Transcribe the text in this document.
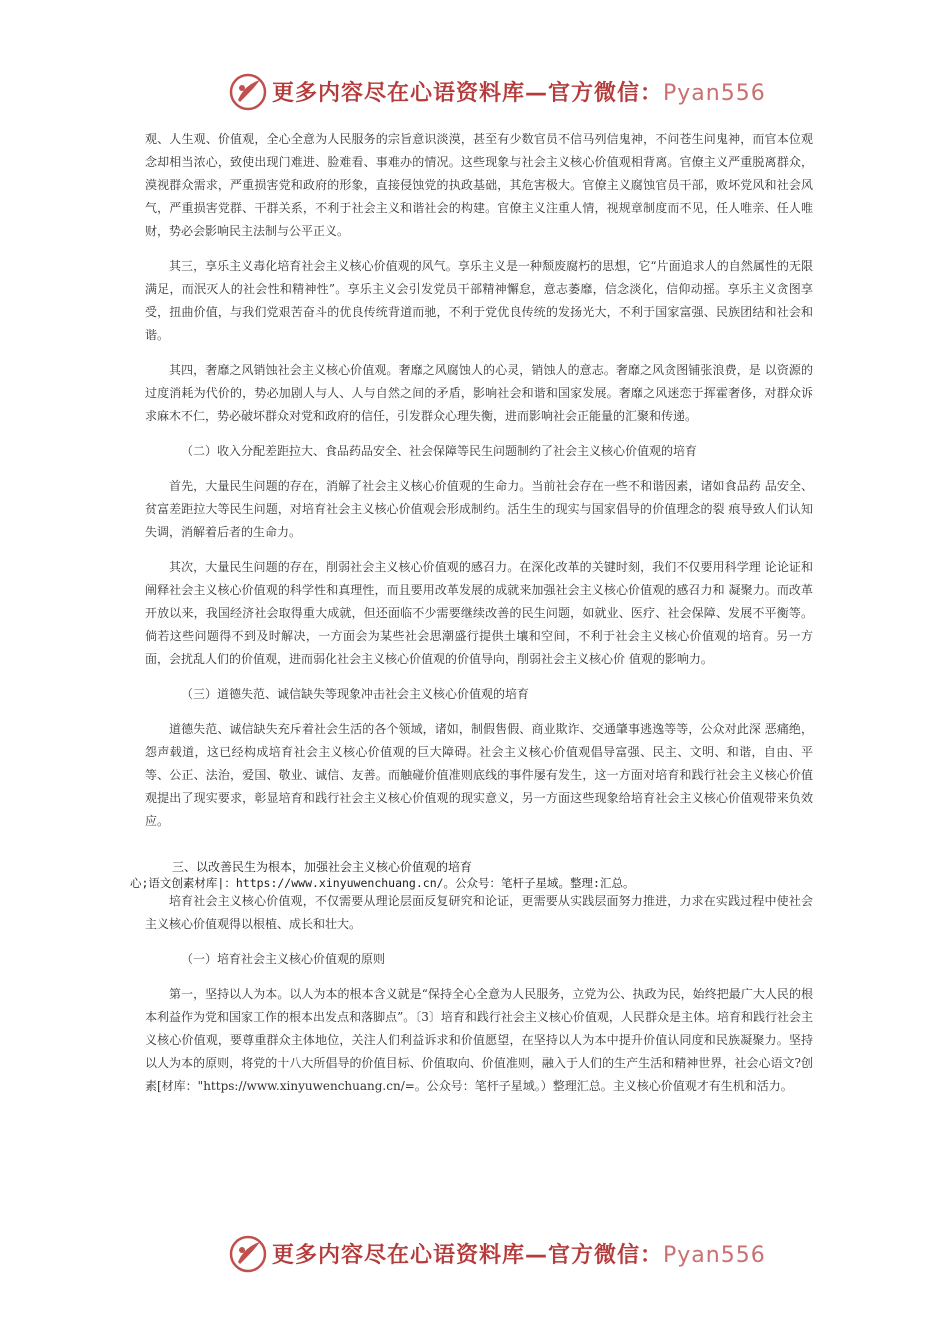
更多内容尽在心语资料库—官方微信：Pyan556

观、人生观、价值观，全心全意为人民服务的宗旨意识淡漠，甚至有少数官员不信马列信鬼神，不问苍生问鬼神，而官本位观念却相当浓心，致使出现门难进、脸难看、事难办的情况。这些现象与社会主义核心价值观相背离。官僚主义严重脱离群众，漠视群众需求，严重损害党和政府的形象，直接侵蚀党的执政基础，其危害极大。官僚主义腐蚀官员干部，败坏党风和社会风气，严重损害党群、干群关系，不利于社会主义和谐社会的构建。官僚主义注重人情，视规章制度而不见，任人唯亲、任人唯财，势必会影响民主法制与公平正义。

其三，享乐主义毒化培育社会主义核心价值观的风气。享乐主义是一种颓废腐朽的思想，它“片面追求人的自然属性的无限满足，而泯灭人的社会性和精神性”。享乐主义会引发党员干部精神懈怠，意志萎靡，信念淡化，信仰动摇。享乐主义贪图享受，扭曲价值，与我们党艰苦奋斗的优良传统背道而驰，不利于党优良传统的发扬光大，不利于国家富强、民族团结和社会和谐。

其四，奢靡之风销蚀社会主义核心价值观。奢靡之风腐蚀人的心灵，销蚀人的意志。奢靡之风贪图铺张浪费，是 以资源的过度消耗为代价的，势必加剧人与人、人与自然之间的矛盾，影响社会和谐和国家发展。奢靡之风迷恋于挥霍奢侈，对群众诉求麻木不仁，势必破坏群众对党和政府的信任，引发群众心理失衡，进而影响社会正能量的汇聚和传递。

（二）收入分配差距拉大、食品药品安全、社会保障等民生问题制约了社会主义核心价值观的培育

首先，大量民生问题的存在，消解了社会主义核心价值观的生命力。当前社会存在一些不和谐因素，诸如食品药 品安全、贫富差距拉大等民生问题，对培育社会主义核心价值观会形成制约。活生生的现实与国家倡导的价值理念的裂 痕导致人们认知失调，消解着后者的生命力。

其次，大量民生问题的存在，削弱社会主义核心价值观的感召力。在深化改革的关键时刻，我们不仅要用科学理 论论证和阐释社会主义核心价值观的科学性和真理性，而且要用改革发展的成就来加强社会主义核心价值观的感召力和 凝聚力。而改革开放以来，我国经济社会取得重大成就，但还面临不少需要继续改善的民生问题，如就业、医疗、社会保障、发展不平衡等。倘若这些问题得不到及时解决，一方面会为某些社会思潮盛行提供土壤和空间，不利于社会主义核心价值观的培育。另一方面，会扰乱人们的价值观，进而弱化社会主义核心价值观的价值导向，削弱社会主义核心价 值观的影响力。

（三）道德失范、诚信缺失等现象冲击社会主义核心价值观的培育

道德失范、诚信缺失充斥着社会生活的各个领域，诸如，制假售假、商业欺诈、交通肇事逃逸等等，公众对此深 恶痛绝，怨声载道，这已经构成培育社会主义核心价值观的巨大障碍。社会主义核心价值观倡导富强、民主、文明、和谐，自由、平等、公正、法治，爱国、敬业、诚信、友善。而触碰价值准则底线的事件屡有发生，这一方面对培育和践行社会主义核心价值观提出了现实要求，彰显培育和践行社会主义核心价值观的现实意义，另一方面这些现象给培育社会主义核心价值观带来负效应。

三、以改善民生为根本，加强社会主义核心价值观的培育
心;语文创素材库|：https://www.xinyuwenchuang.cn/。公众号：笔杆子星域。整理:汇总。

培育社会主义核心价值观，不仅需要从理论层面反复研究和论证，更需要从实践层面努力推进，力求在实践过程中使社会主义核心价值观得以根植、成长和壮大。

（一）培育社会主义核心价值观的原则

第一，坚持以人为本。以人为本的根本含义就是“保持全心全意为人民服务，立党为公、执政为民，始终把最广大人民的根本利益作为党和国家工作的根本出发点和落脚点”。〔3〕培育和践行社会主义核心价值观，人民群众是主体。培育和践行社会主义核心价值观，要尊重群众主体地位，关注人们利益诉求和价值愿望，在坚持以人为本中提升价值认同度和民族凝聚力。坚持以人为本的原则，将党的十八大所倡导的价值目标、价值取向、价值准则，融入于人们的生产生活和精神世界，社会心语文?创素[材库："https://www.xinyuwenchuang.cn/=。公众号：笔杆子星域。）整理汇总。主义核心价值观才有生机和活力。

更多内容尽在心语资料库—官方微信：Pyan556
